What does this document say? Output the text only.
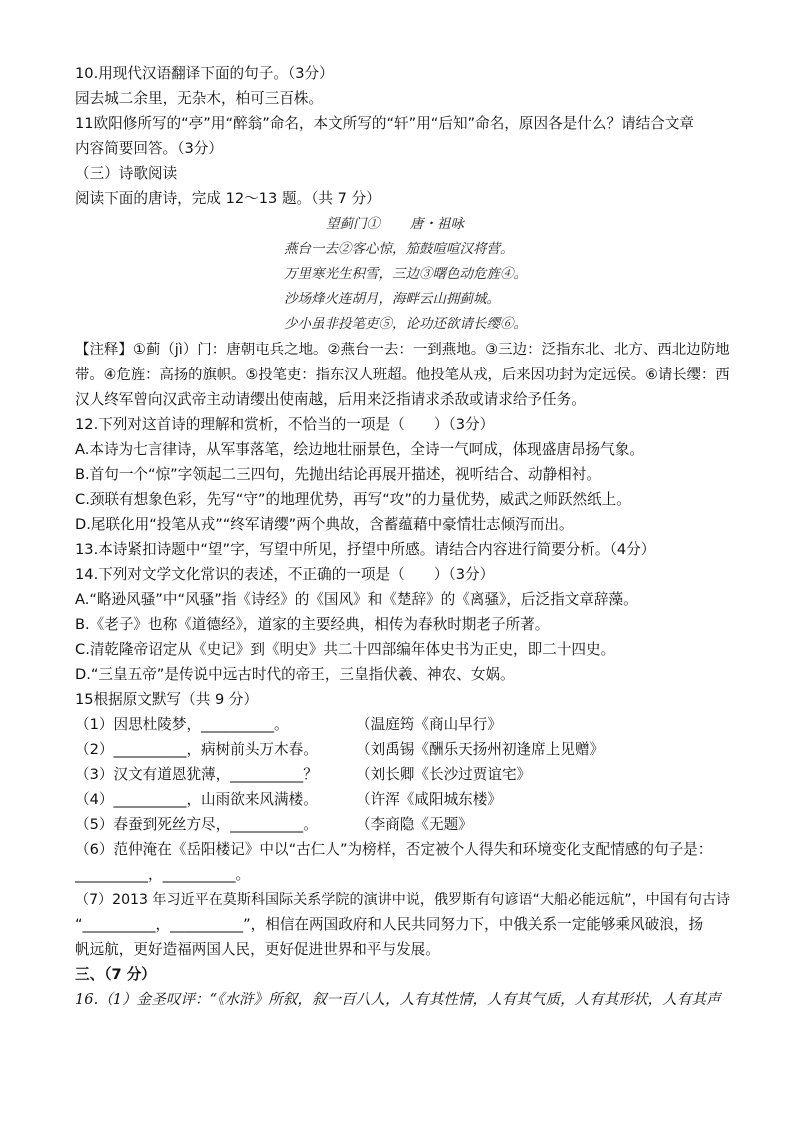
10.用现代汉语翻译下面的句子。（3分）
园去城二余里，无杂木，柏可三百株。
11欧阳修所写的“亭”用“醉翁”命名，本文所写的“轩”用“后知”命名，原因各是什么？请结合文章
内容简要回答。（3分）
（三）诗歌阅读
阅读下面的唐诗，完成 12～13 题。（共 7 分）
望蓟门① 唐・祖咏
燕台一去②客心惊，笳鼓喧喧汉将营。
万里寒光生积雪，三边③曙色动危旌④。
沙场烽火连胡月，海畔云山拥蓟城。
少小虽非投笔吏⑤，论功还欲请长缨⑥。
【注释】①蓟（jì）门：唐朝屯兵之地。②燕台一去：一到燕地。③三边：泛指东北、北方、西北边防地
带。④危旌：高扬的旗帜。⑤投笔吏：指东汉人班超。他投笔从戎，后来因功封为定远侯。⑥请长缨：西
汉人终军曾向汉武帝主动请缨出使南越，后用来泛指请求杀敌或请求给予任务。
12.下列对这首诗的理解和赏析，不恰当的一项是（　　）（3分）
A.本诗为七言律诗，从军事落笔，绘边地壮丽景色，全诗一气呵成，体现盛唐昂扬气象。
B.首句一个“惊”字领起二三四句，先抛出结论再展开描述，视听结合、动静相衬。
C.颈联有想象色彩，先写“守”的地理优势，再写“攻”的力量优势，威武之师跃然纸上。
D.尾联化用“投笔从戎”“终军请缨”两个典故，含蓄蕴藉中豪情壮志倾泻而出。
13.本诗紧扣诗题中“望”字，写望中所见，抒望中所感。请结合内容进行简要分析。（4分）
14.下列对文学文化常识的表述，不正确的一项是（　　）（3分）
A.“略逊风骚”中“风骚”指《诗经》的《国风》和《楚辞》的《离骚》，后泛指文章辞藻。
B.《老子》也称《道德经》，道家的主要经典，相传为春秋时期老子所著。
C.清乾隆帝诏定从《史记》到《明史》共二十四部编年体史书为正史，即二十四史。
D.“三皇五帝”是传说中远古时代的帝王，三皇指伏羲、神农、女娲。
15根据原文默写（共 9 分）
（1）因思杜陵梦，__________。	（温庭筠《商山早行》
（2）__________，病树前头万木春。	（刘禹锡《酬乐天扬州初逢席上见赠》
（3）汉文有道恩犹薄，__________？	（刘长卿《长沙过贾谊宅》
（4）__________，山雨欲来风满楼。	（许浑《咸阳城东楼》
（5）春蚕到死丝方尽，__________。	（李商隐《无题》
（6）范仲淹在《岳阳楼记》中以“古仁人”为榜样，否定被个人得失和环境变化支配情感的句子是：
__________，__________。
（7）2013 年习近平在莫斯科国际关系学院的演讲中说，俄罗斯有句谚语“大船必能远航”，中国有句古诗
“__________，__________”，相信在两国政府和人民共同努力下，中俄关系一定能够乘风破浪，扬
帆远航，更好造福两国人民，更好促进世界和平与发展。
三、（7 分）
16.（1）金圣叹评：“《水浒》所叙，叙一百八人，人有其性情，人有其气质，人有其形状，人有其声
